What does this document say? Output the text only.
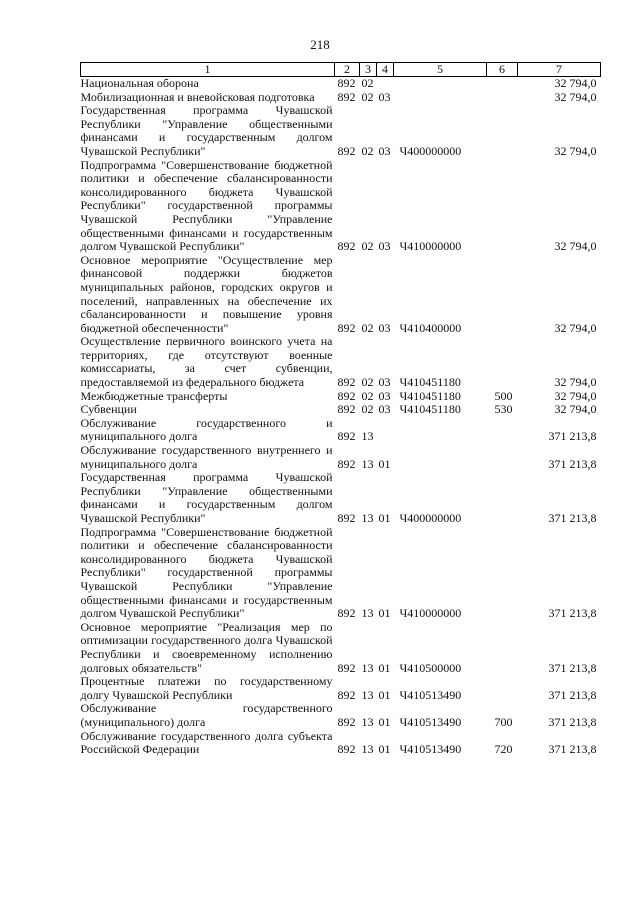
218
1	2	3	4	5	6	7
Национальная оборона	892	02				32 794,0
Мобилизационная и вневойсковая подготовка	892	02	03			32 794,0
Государственная программа Чувашской Республики "Управление общественными финансами и государственным долгом Чувашской Республики"	892	02	03	Ч400000000		32 794,0
Подпрограмма "Совершенствование бюджетной политики и обеспечение сбалансированности консолидированного бюджета Чувашской Республики" государственной программы Чувашской Республики "Управление общественными финансами и государственным долгом Чувашской Республики"	892	02	03	Ч410000000		32 794,0
Основное мероприятие "Осуществление мер финансовой поддержки бюджетов муниципальных районов, городских округов и поселений, направленных на обеспечение их сбалансированности и повышение уровня бюджетной обеспеченности"	892	02	03	Ч410400000		32 794,0
Осуществление первичного воинского учета на территориях, где отсутствуют военные комиссариаты, за счет субвенции, предоставляемой из федерального бюджета	892	02	03	Ч410451180		32 794,0
Межбюджетные трансферты	892	02	03	Ч410451180	500	32 794,0
Субвенции	892	02	03	Ч410451180	530	32 794,0
Обслуживание государственного и муниципального долга	892	13				371 213,8
Обслуживание государственного внутреннего и муниципального долга	892	13	01			371 213,8
Государственная программа Чувашской Республики "Управление общественными финансами и государственным долгом Чувашской Республики"	892	13	01	Ч400000000		371 213,8
Подпрограмма "Совершенствование бюджетной политики и обеспечение сбалансированности консолидированного бюджета Чувашской Республики" государственной программы Чувашской Республики "Управление общественными финансами и государственным долгом Чувашской Республики"	892	13	01	Ч410000000		371 213,8
Основное мероприятие "Реализация мер по оптимизации государственного долга Чувашской Республики и своевременному исполнению долговых обязательств"	892	13	01	Ч410500000		371 213,8
Процентные платежи по государственному долгу Чувашской Республики	892	13	01	Ч410513490		371 213,8
Обслуживание государственного (муниципального) долга	892	13	01	Ч410513490	700	371 213,8
Обслуживание государственного долга субъекта Российской Федерации	892	13	01	Ч410513490	720	371 213,8
